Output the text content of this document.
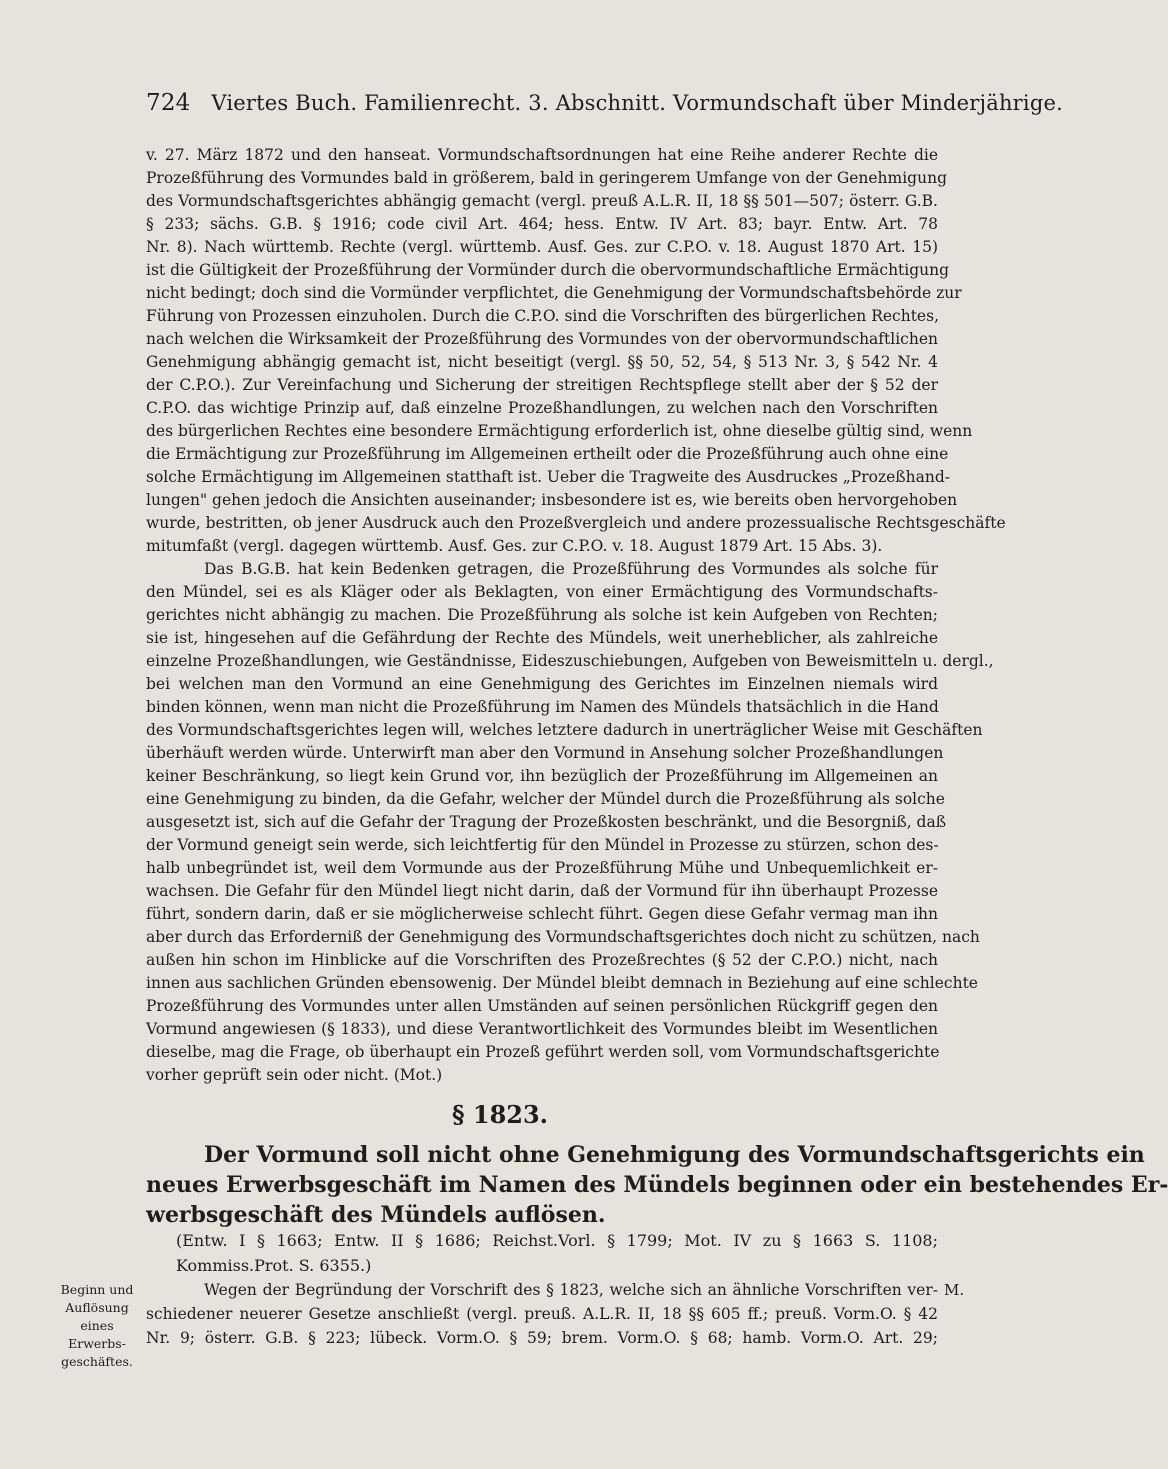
724 Viertes Buch. Familienrecht. 3. Abschnitt. Vormundschaft über Minderjährige.
v. 27. März 1872 und den hanseat. Vormundschaftsordnungen hat eine Reihe anderer Rechte die
Prozeßführung des Vormundes bald in größerem, bald in geringerem Umfange von der Genehmigung
des Vormundschaftsgerichtes abhängig gemacht (vergl. preuß A.L.R. II, 18 §§ 501—507; österr. G.B.
§ 233; sächs. G.B. § 1916; code civil Art. 464; hess. Entw. IV Art. 83; bayr. Entw. Art. 78
Nr. 8). Nach württemb. Rechte (vergl. württemb. Ausf. Ges. zur C.P.O. v. 18. August 1870 Art. 15)
ist die Gültigkeit der Prozeßführung der Vormünder durch die obervormundschaftliche Ermächtigung
nicht bedingt; doch sind die Vormünder verpflichtet, die Genehmigung der Vormundschaftsbehörde zur
Führung von Prozessen einzuholen. Durch die C.P.O. sind die Vorschriften des bürgerlichen Rechtes,
nach welchen die Wirksamkeit der Prozeßführung des Vormundes von der obervormundschaftlichen
Genehmigung abhängig gemacht ist, nicht beseitigt (vergl. §§ 50, 52, 54, § 513 Nr. 3, § 542 Nr. 4
der C.P.O.). Zur Vereinfachung und Sicherung der streitigen Rechtspflege stellt aber der § 52 der
C.P.O. das wichtige Prinzip auf, daß einzelne Prozeßhandlungen, zu welchen nach den Vorschriften
des bürgerlichen Rechtes eine besondere Ermächtigung erforderlich ist, ohne dieselbe gültig sind, wenn
die Ermächtigung zur Prozeßführung im Allgemeinen ertheilt oder die Prozeßführung auch ohne eine
solche Ermächtigung im Allgemeinen statthaft ist. Ueber die Tragweite des Ausdruckes „Prozeßhand-
lungen" gehen jedoch die Ansichten auseinander; insbesondere ist es, wie bereits oben hervorgehoben
wurde, bestritten, ob jener Ausdruck auch den Prozeßvergleich und andere prozessualische Rechtsgeschäfte
mitumfaßt (vergl. dagegen württemb. Ausf. Ges. zur C.P.O. v. 18. August 1879 Art. 15 Abs. 3).
Das B.G.B. hat kein Bedenken getragen, die Prozeßführung des Vormundes als solche für
den Mündel, sei es als Kläger oder als Beklagten, von einer Ermächtigung des Vormundschafts-
gerichtes nicht abhängig zu machen. Die Prozeßführung als solche ist kein Aufgeben von Rechten;
sie ist, hingesehen auf die Gefährdung der Rechte des Mündels, weit unerheblicher, als zahlreiche
einzelne Prozeßhandlungen, wie Geständnisse, Eideszuschiebungen, Aufgeben von Beweismitteln u. dergl.,
bei welchen man den Vormund an eine Genehmigung des Gerichtes im Einzelnen niemals wird
binden können, wenn man nicht die Prozeßführung im Namen des Mündels thatsächlich in die Hand
des Vormundschaftsgerichtes legen will, welches letztere dadurch in unerträglicher Weise mit Geschäften
überhäuft werden würde. Unterwirft man aber den Vormund in Ansehung solcher Prozeßhandlungen
keiner Beschränkung, so liegt kein Grund vor, ihn bezüglich der Prozeßführung im Allgemeinen an
eine Genehmigung zu binden, da die Gefahr, welcher der Mündel durch die Prozeßführung als solche
ausgesetzt ist, sich auf die Gefahr der Tragung der Prozeßkosten beschränkt, und die Besorgniß, daß
der Vormund geneigt sein werde, sich leichtfertig für den Mündel in Prozesse zu stürzen, schon des-
halb unbegründet ist, weil dem Vormunde aus der Prozeßführung Mühe und Unbequemlichkeit er-
wachsen. Die Gefahr für den Mündel liegt nicht darin, daß der Vormund für ihn überhaupt Prozesse
führt, sondern darin, daß er sie möglicherweise schlecht führt. Gegen diese Gefahr vermag man ihn
aber durch das Erforderniß der Genehmigung des Vormundschaftsgerichtes doch nicht zu schützen, nach
außen hin schon im Hinblicke auf die Vorschriften des Prozeßrechtes (§ 52 der C.P.O.) nicht, nach
innen aus sachlichen Gründen ebensowenig. Der Mündel bleibt demnach in Beziehung auf eine schlechte
Prozeßführung des Vormundes unter allen Umständen auf seinen persönlichen Rückgriff gegen den
Vormund angewiesen (§ 1833), und diese Verantwortlichkeit des Vormundes bleibt im Wesentlichen
dieselbe, mag die Frage, ob überhaupt ein Prozeß geführt werden soll, vom Vormundschaftsgerichte
vorher geprüft sein oder nicht. (Mot.)
§ 1823.
Der Vormund soll nicht ohne Genehmigung des Vormundschaftsgerichts ein
neues Erwerbsgeschäft im Namen des Mündels beginnen oder ein bestehendes Er-
werbsgeschäft des Mündels auflösen.
(Entw. I § 1663; Entw. II § 1686; Reichst.Vorl. § 1799; Mot. IV zu § 1663 S. 1108;
Kommiss.Prot. S. 6355.)
Beginn und
Auflösung eines
Erwerbs-
geschäftes.
M.
Wegen der Begründung der Vorschrift des § 1823, welche sich an ähnliche Vorschriften ver-
schiedener neuerer Gesetze anschließt (vergl. preuß. A.L.R. II, 18 §§ 605 ff.; preuß. Vorm.O. § 42
Nr. 9; österr. G.B. § 223; lübeck. Vorm.O. § 59; brem. Vorm.O. § 68; hamb. Vorm.O. Art. 29;
